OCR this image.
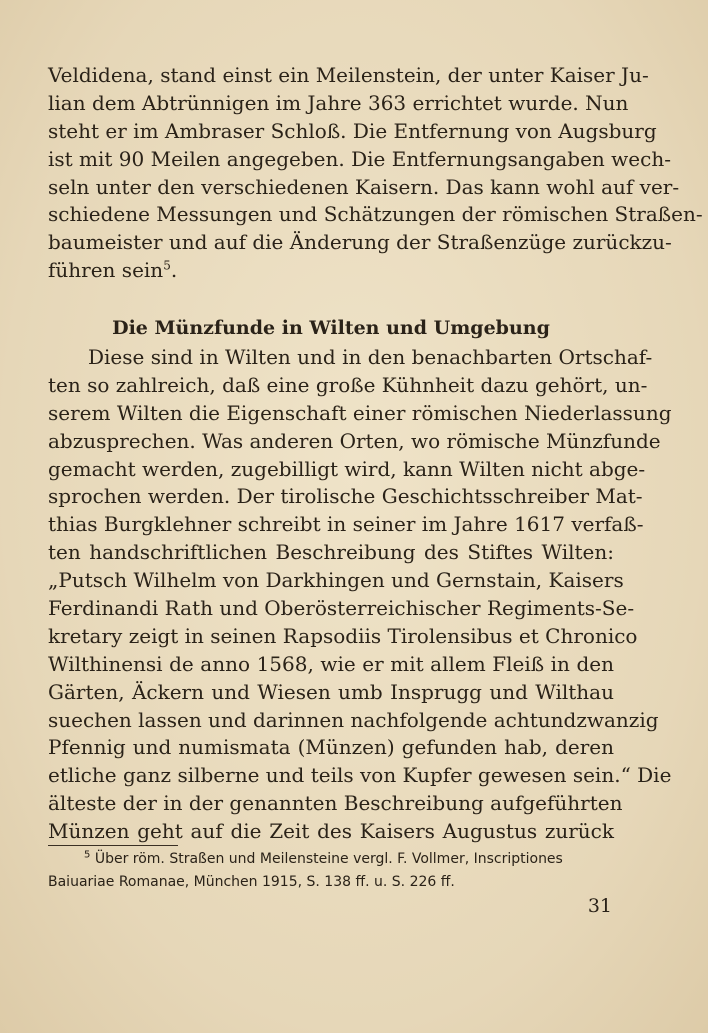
Veldidena, stand einst ein Meilenstein, der unter Kaiser Ju-
lian dem Abtrünnigen im Jahre 363 errichtet wurde. Nun
steht er im Ambraser Schloß. Die Entfernung von Augsburg
ist mit 90 Meilen angegeben. Die Entfernungsangaben wech-
seln unter den verschiedenen Kaisern. Das kann wohl auf ver-
schiedene Messungen und Schätzungen der römischen Straßen-
baumeister und auf die Änderung der Straßenzüge zurückzu-
führen sein$^5$.
Die Münzfunde in Wilten und Umgebung
Diese sind in Wilten und in den benachbarten Ortschaf-
ten so zahlreich, daß eine große Kühnheit dazu gehört, un-
serem Wilten die Eigenschaft einer römischen Niederlassung
abzusprechen. Was anderen Orten, wo römische Münzfunde
gemacht werden, zugebilligt wird, kann Wilten nicht abge-
sprochen werden. Der tirolische Geschichtsschreiber Mat-
thias Burgklehner schreibt in seiner im Jahre 1617 verfaß-
ten handschriftlichen Beschreibung des Stiftes Wilten:
„Putsch Wilhelm von Darkhingen und Gernstain, Kaisers
Ferdinandi Rath und Oberösterreichischer Regiments-Se-
kretary zeigt in seinen Rapsodiis Tirolensibus et Chronico
Wilthinensi de anno 1568, wie er mit allem Fleiß in den
Gärten, Äckern und Wiesen umb Insprugg und Wilthau
suechen lassen und darinnen nachfolgende achtundzwanzig
Pfennig und numismata (Münzen) gefunden hab, deren
etliche ganz silberne und teils von Kupfer gewesen sein.“ Die
älteste der in der genannten Beschreibung aufgeführten
Münzen geht auf die Zeit des Kaisers Augustus zurück
$^5$ Über röm. Straßen und Meilensteine vergl. F. Vollmer, Inscriptiones
Baiuariae Romanae, München 1915, S. 138 ff. u. S. 226 ff.
31
